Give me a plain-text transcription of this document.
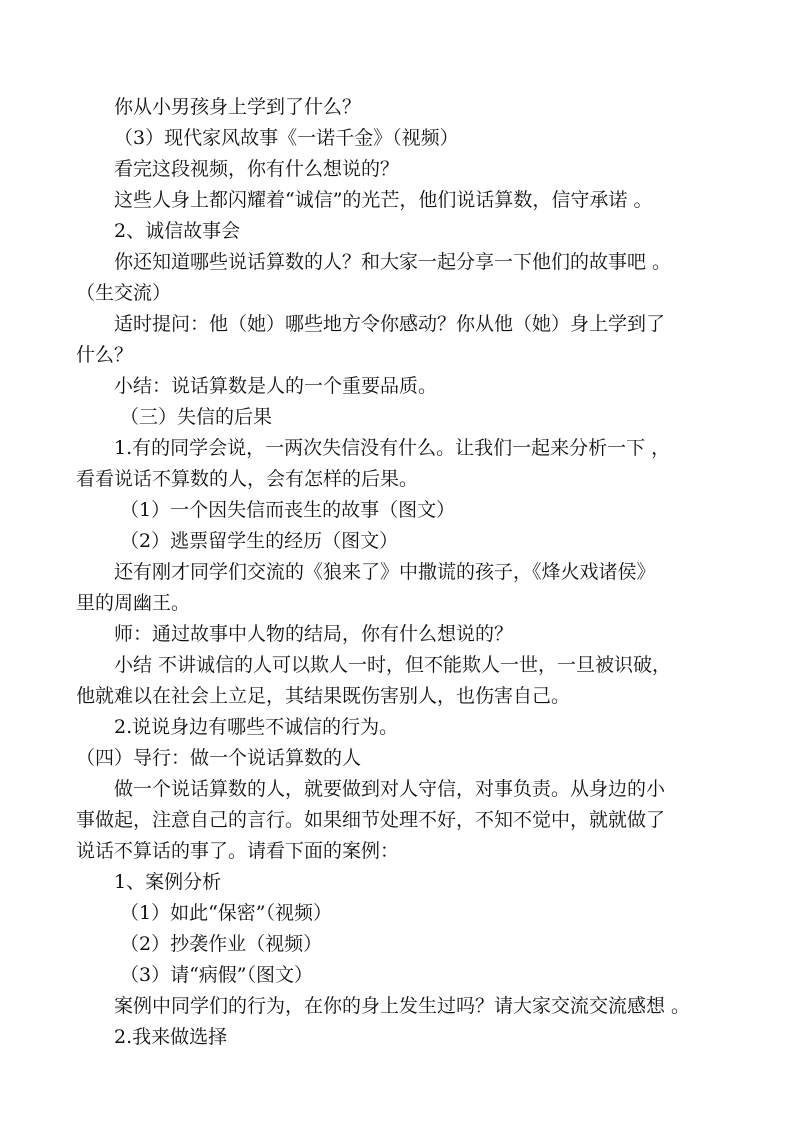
你从小男孩身上学到了什么？
（3）现代家风故事《一诺千金》（视频）
看完这段视频，你有什么想说的？
这些人身上都闪耀着“诚信”的光芒，他们说话算数，信守承诺 。
2、诚信故事会
你还知道哪些说话算数的人？和大家一起分享一下他们的故事吧 。
（生交流）
适时提问：他（她）哪些地方令你感动？你从他（她）身上学到了
什么？
小结：说话算数是人的一个重要品质。
（三）失信的后果
1.有的同学会说，一两次失信没有什么。让我们一起来分析一下 ，
看看说话不算数的人，会有怎样的后果。
（1）一个因失信而丧生的故事（图文）
（2）逃票留学生的经历（图文）
还有刚才同学们交流的《狼来了》中撒谎的孩子，《烽火戏诸侯》
里的周幽王。
师：通过故事中人物的结局，你有什么想说的？
小结 不讲诚信的人可以欺人一时，但不能欺人一世，一旦被识破，
他就难以在社会上立足，其结果既伤害别人，也伤害自己。
2.说说身边有哪些不诚信的行为。
（四）导行：做一个说话算数的人
做一个说话算数的人，就要做到对人守信，对事负责。从身边的小
事做起，注意自己的言行。如果细节处理不好，不知不觉中，就就做了
说话不算话的事了。请看下面的案例：
1、案例分析
（1）如此“保密”（视频）
（2）抄袭作业（视频）
（3）请“病假”（图文）
案例中同学们的行为，在你的身上发生过吗？请大家交流交流感想 。
2.我来做选择
